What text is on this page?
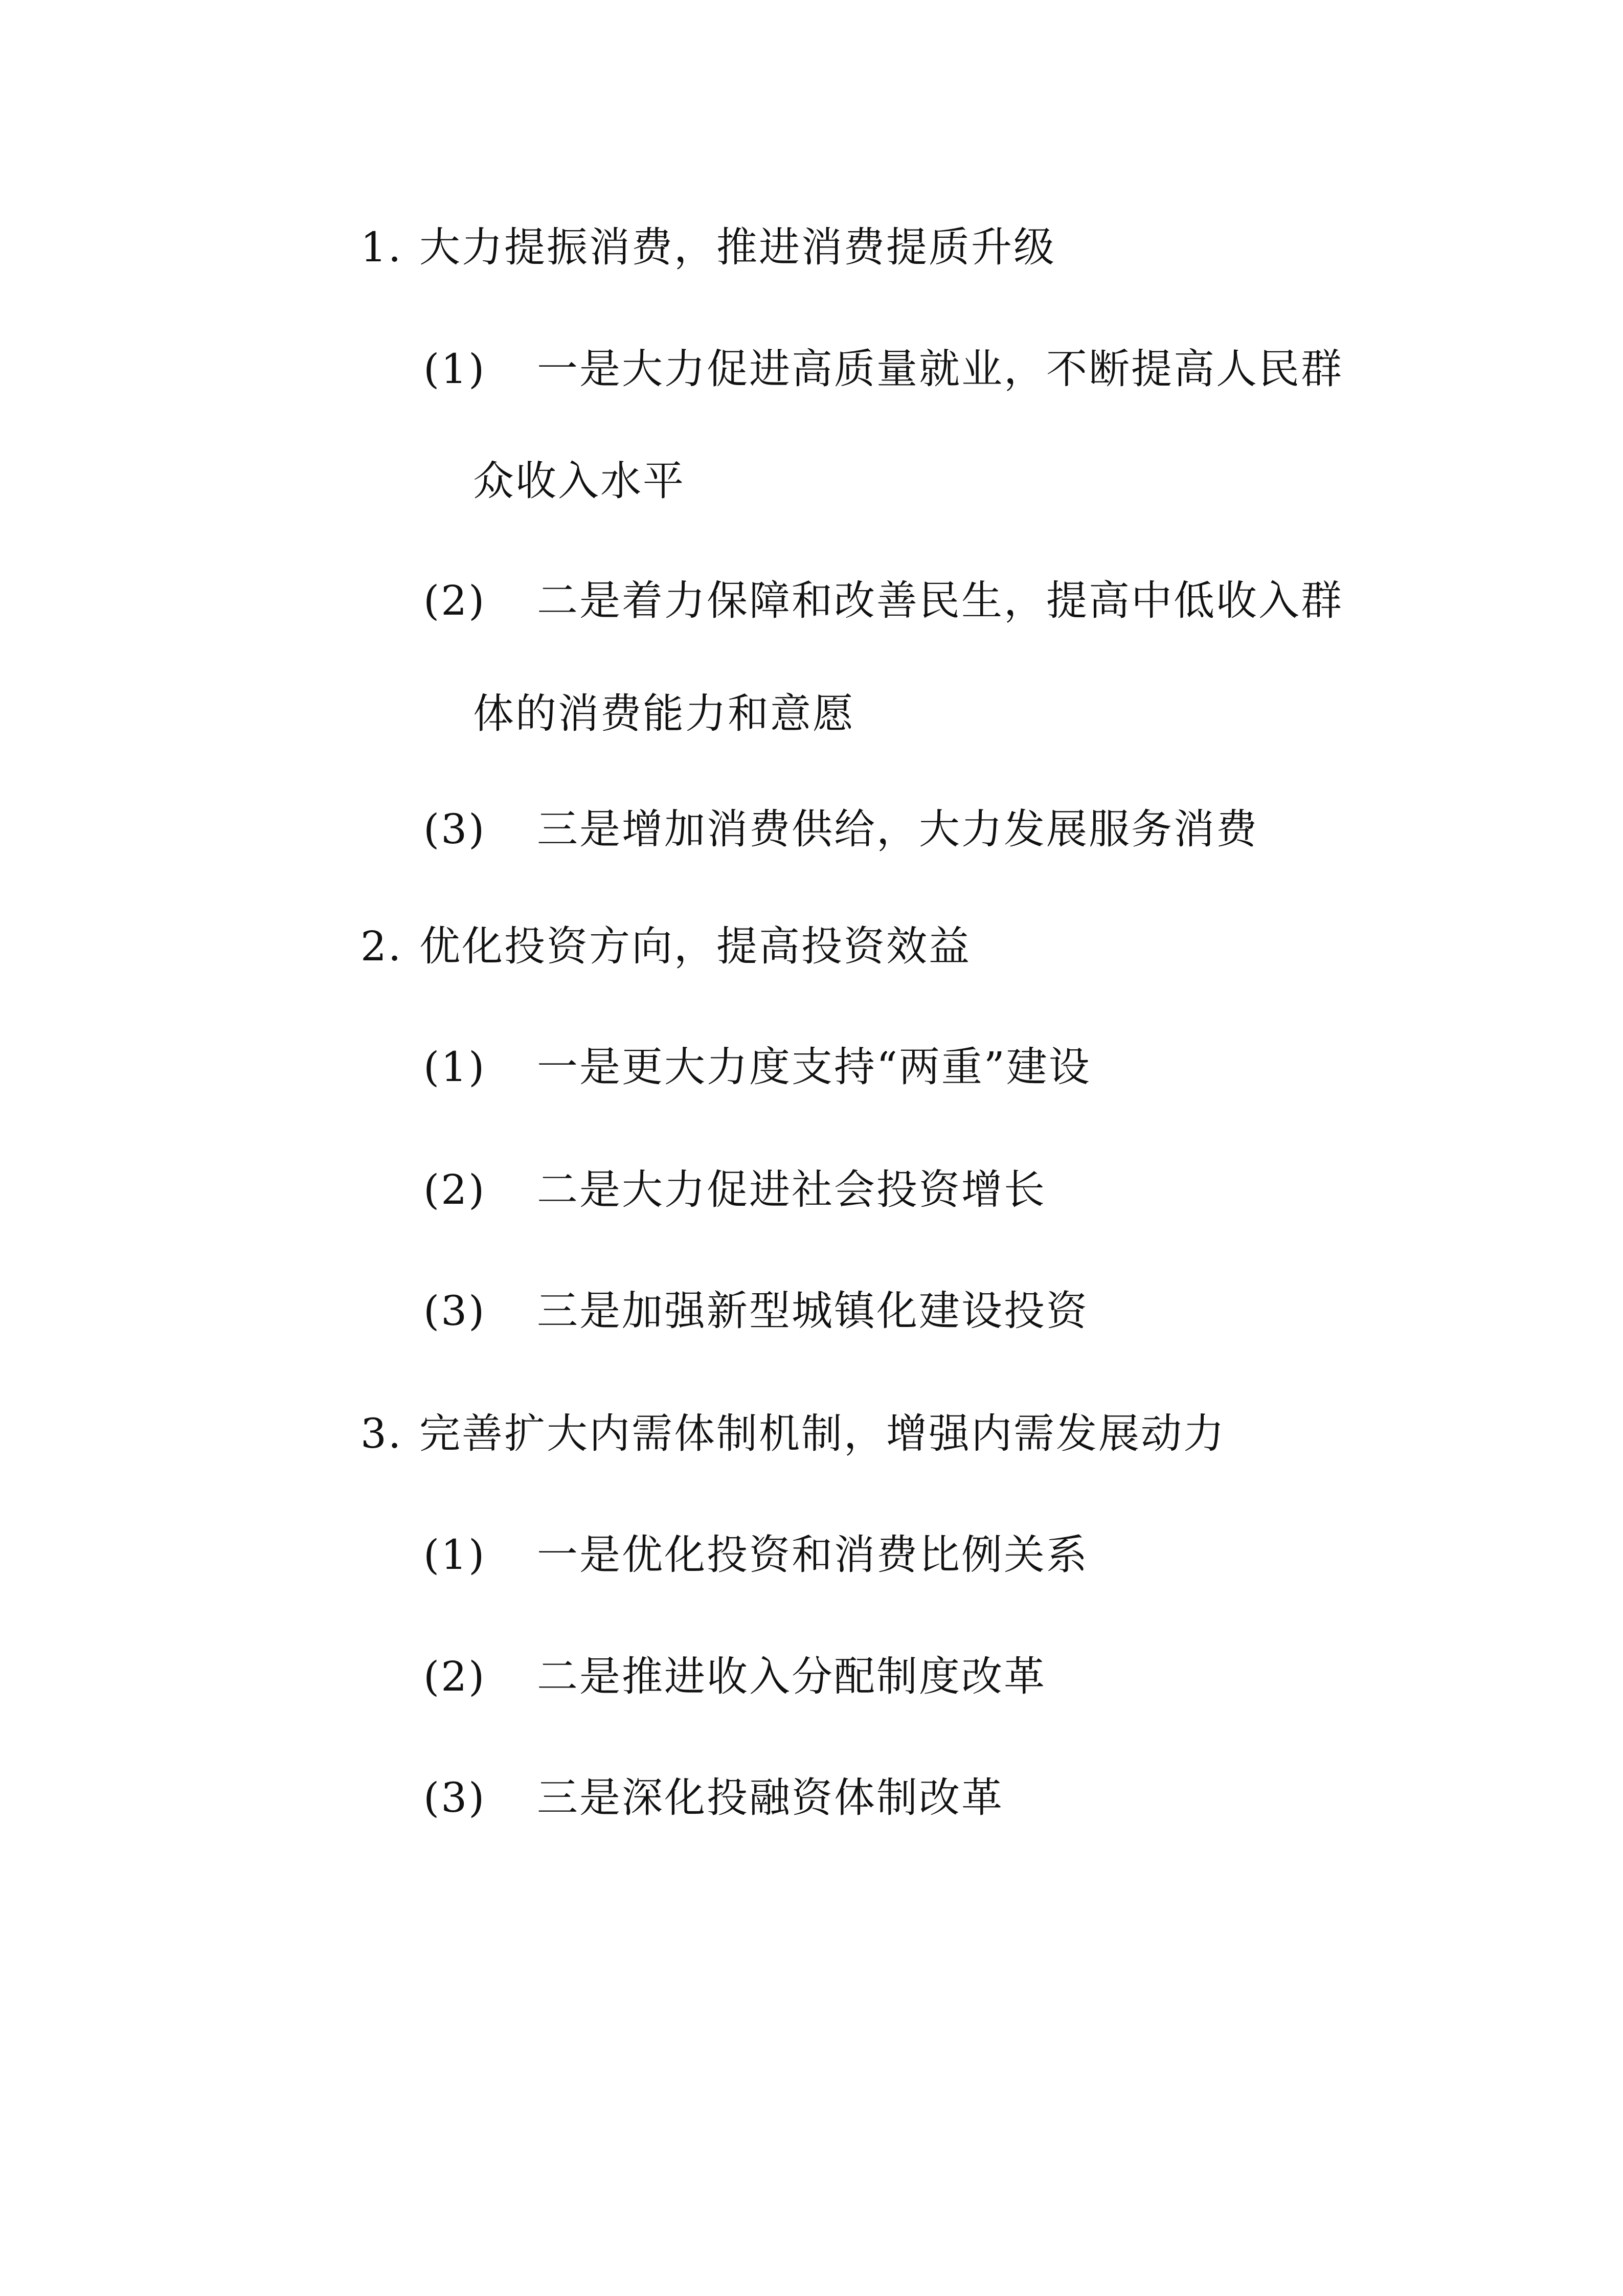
1. 大力提振消费，推进消费提质升级
(1) 一是大力促进高质量就业，不断提高人民群
众收入水平
(2) 二是着力保障和改善民生，提高中低收入群
体的消费能力和意愿
(3) 三是增加消费供给，大力发展服务消费
2. 优化投资方向，提高投资效益
(1) 一是更大力度支持“两重”建设
(2) 二是大力促进社会投资增长
(3) 三是加强新型城镇化建设投资
3. 完善扩大内需体制机制，增强内需发展动力
(1) 一是优化投资和消费比例关系
(2) 二是推进收入分配制度改革
(3) 三是深化投融资体制改革
